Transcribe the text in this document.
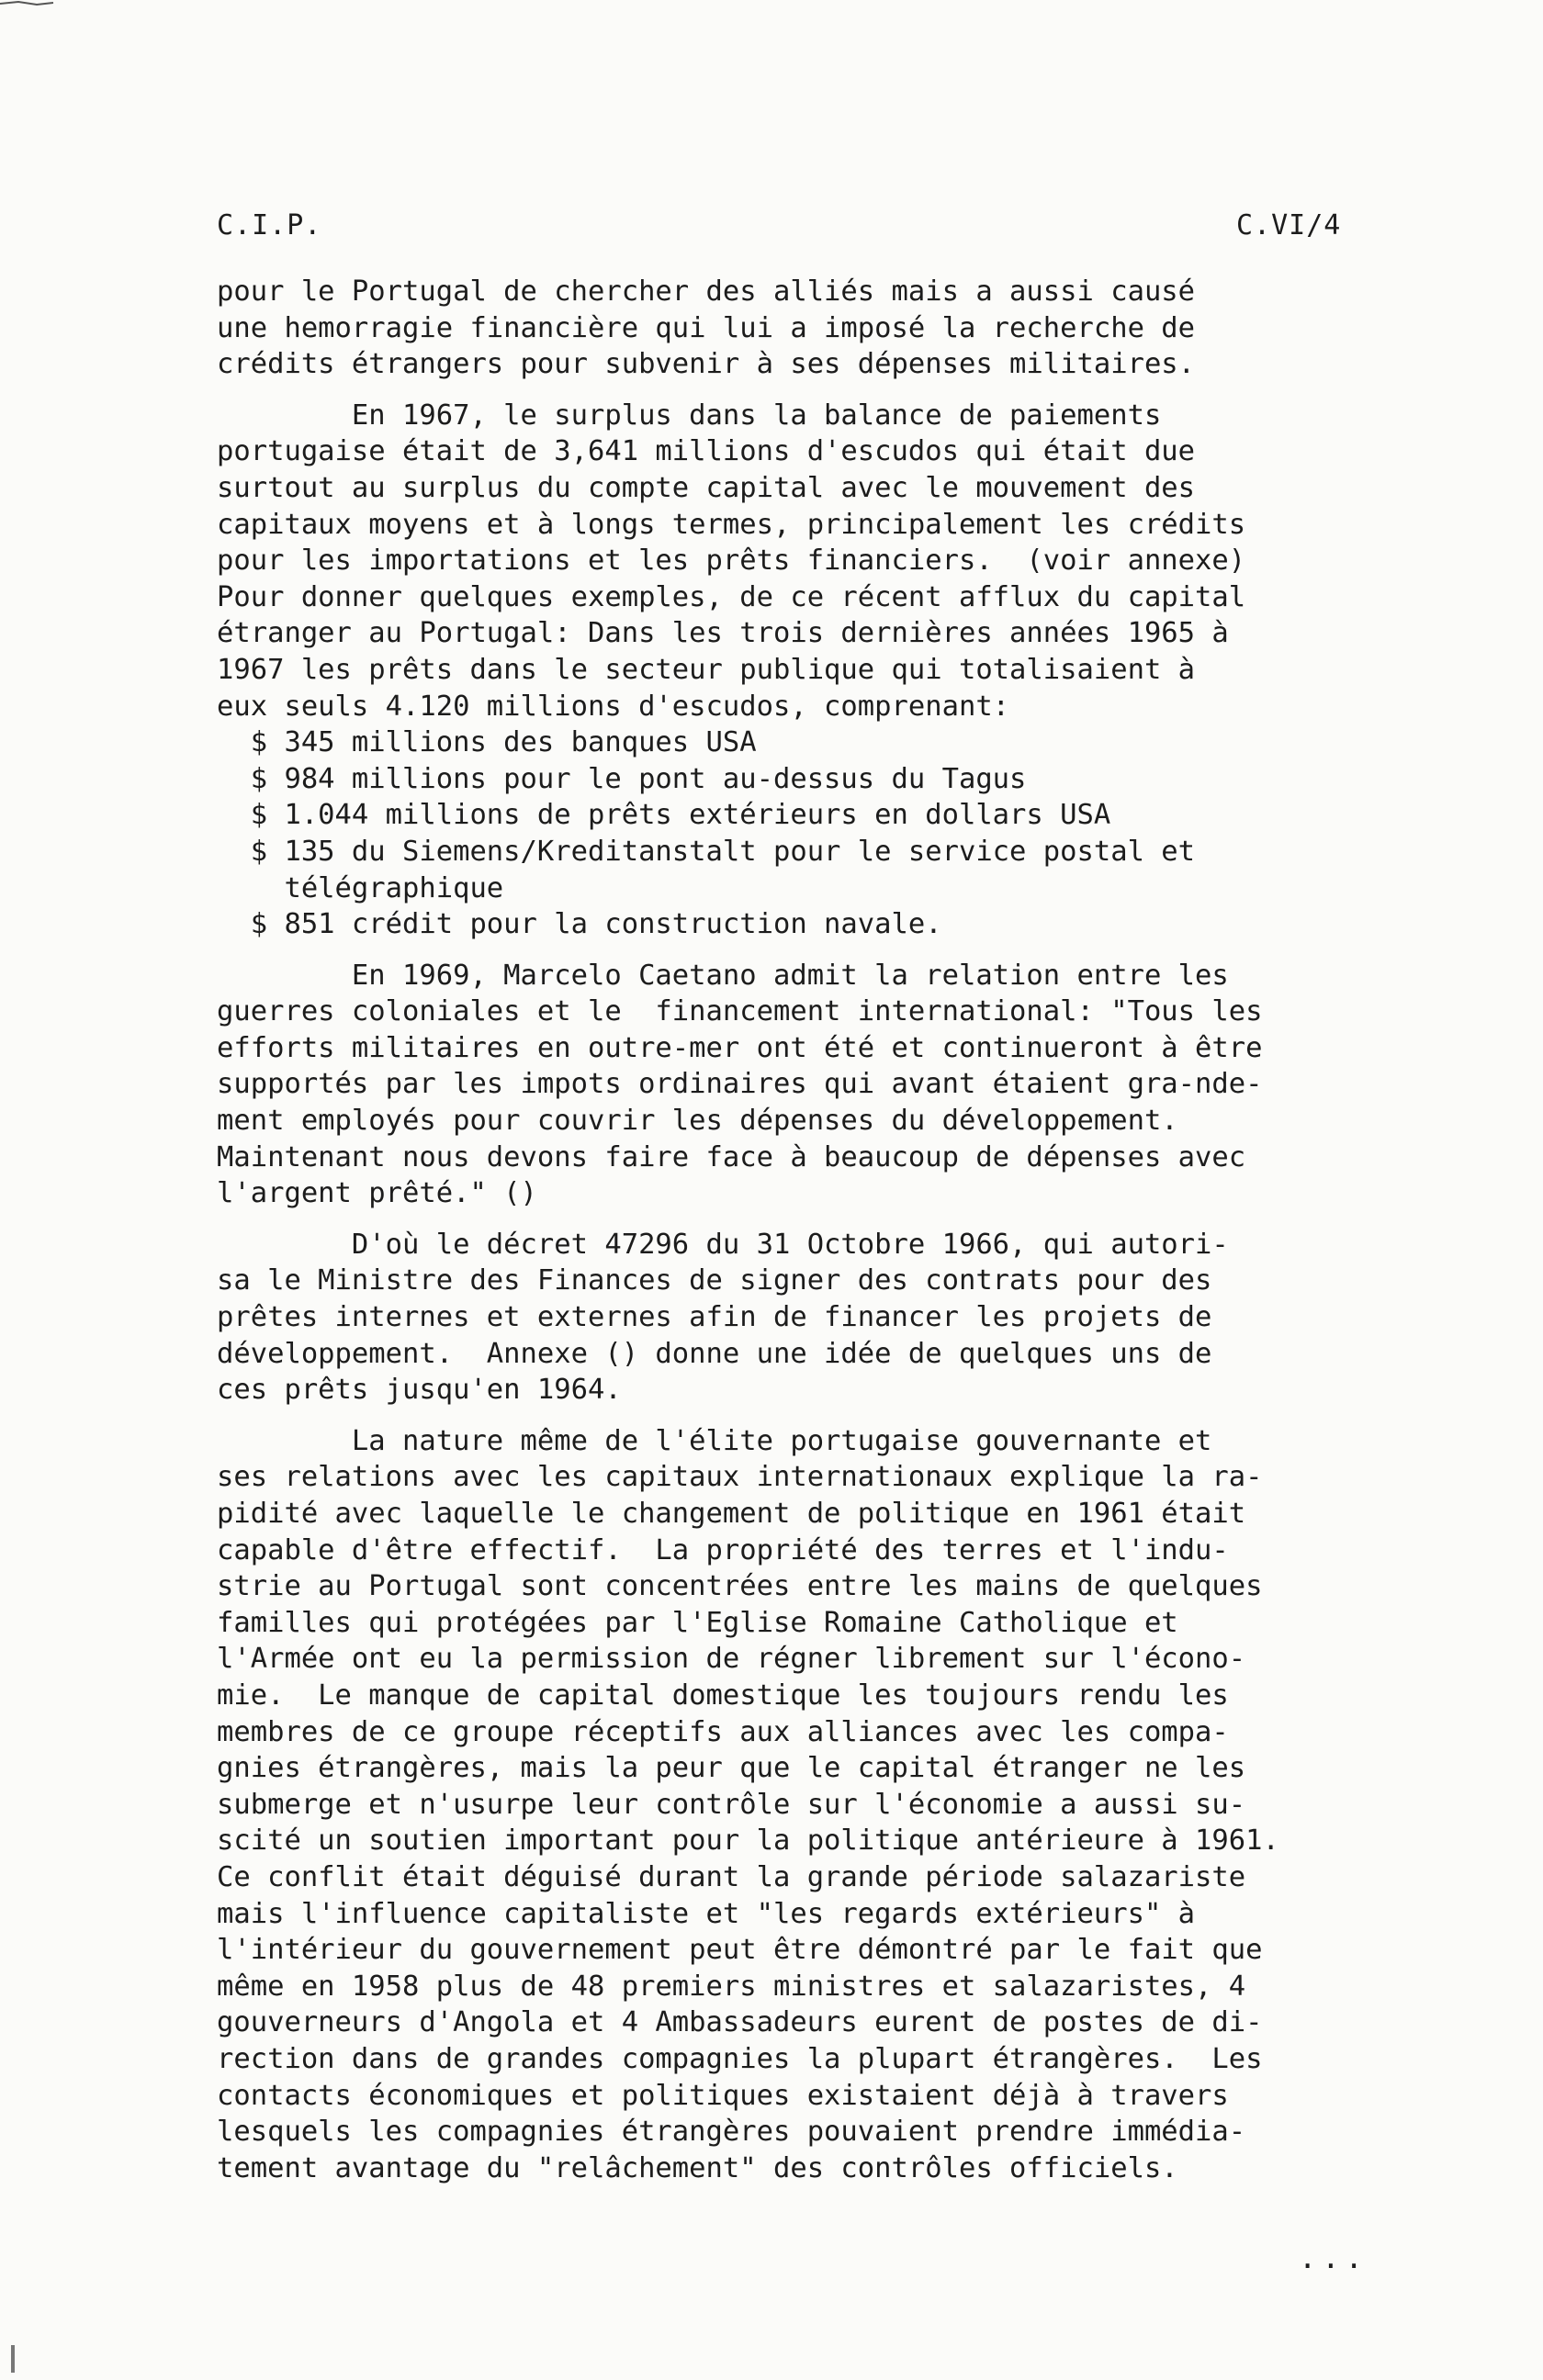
C.I.P.	C.VI/4
pour le Portugal de chercher des alliés mais a aussi causé
une hemorragie financière qui lui a imposé la recherche de
crédits étrangers pour subvenir à ses dépenses militaires.
En 1967, le surplus dans la balance de paiements
portugaise était de 3,641 millions d'escudos qui était due
surtout au surplus du compte capital avec le mouvement des
capitaux moyens et à longs termes, principalement les crédits
pour les importations et les prêts financiers.  (voir annexe)
Pour donner quelques exemples, de ce récent afflux du capital
étranger au Portugal: Dans les trois dernières années 1965 à
1967 les prêts dans le secteur publique qui totalisaient à
eux seuls 4.120 millions d'escudos, comprenant:
$ 345 millions des banques USA
$ 984 millions pour le pont au-dessus du Tagus
$ 1.044 millions de prêts extérieurs en dollars USA
$ 135 du Siemens/Kreditanstalt pour le service postal et
télégraphique
$ 851 crédit pour la construction navale.
En 1969, Marcelo Caetano admit la relation entre les
guerres coloniales et le  financement international: "Tous les
efforts militaires en outre-mer ont été et continueront à être
supportés par les impots ordinaires qui avant étaient gra-nde-
ment employés pour couvrir les dépenses du développement.
Maintenant nous devons faire face à beaucoup de dépenses avec
l'argent prêté." ()
D'où le décret 47296 du 31 Octobre 1966, qui autori-
sa le Ministre des Finances de signer des contrats pour des
prêtes internes et externes afin de financer les projets de
développement.  Annexe () donne une idée de quelques uns de
ces prêts jusqu'en 1964.
La nature même de l'élite portugaise gouvernante et
ses relations avec les capitaux internationaux explique la ra-
pidité avec laquelle le changement de politique en 1961 était
capable d'être effectif.  La propriété des terres et l'indu-
strie au Portugal sont concentrées entre les mains de quelques
familles qui protégées par l'Eglise Romaine Catholique et
l'Armée ont eu la permission de régner librement sur l'écono-
mie.  Le manque de capital domestique les toujours rendu les
membres de ce groupe réceptifs aux alliances avec les compa-
gnies étrangères, mais la peur que le capital étranger ne les
submerge et n'usurpe leur contrôle sur l'économie a aussi su-
scité un soutien important pour la politique antérieure à 1961.
Ce conflit était déguisé durant la grande période salazariste
mais l'influence capitaliste et "les regards extérieurs" à
l'intérieur du gouvernement peut être démontré par le fait que
même en 1958 plus de 48 premiers ministres et salazaristes, 4
gouverneurs d'Angola et 4 Ambassadeurs eurent de postes de di-
rection dans de grandes compagnies la plupart étrangères.  Les
contacts économiques et politiques existaient déjà à travers
lesquels les compagnies étrangères pouvaient prendre immédia-
tement avantage du "relâchement" des contrôles officiels.
...
